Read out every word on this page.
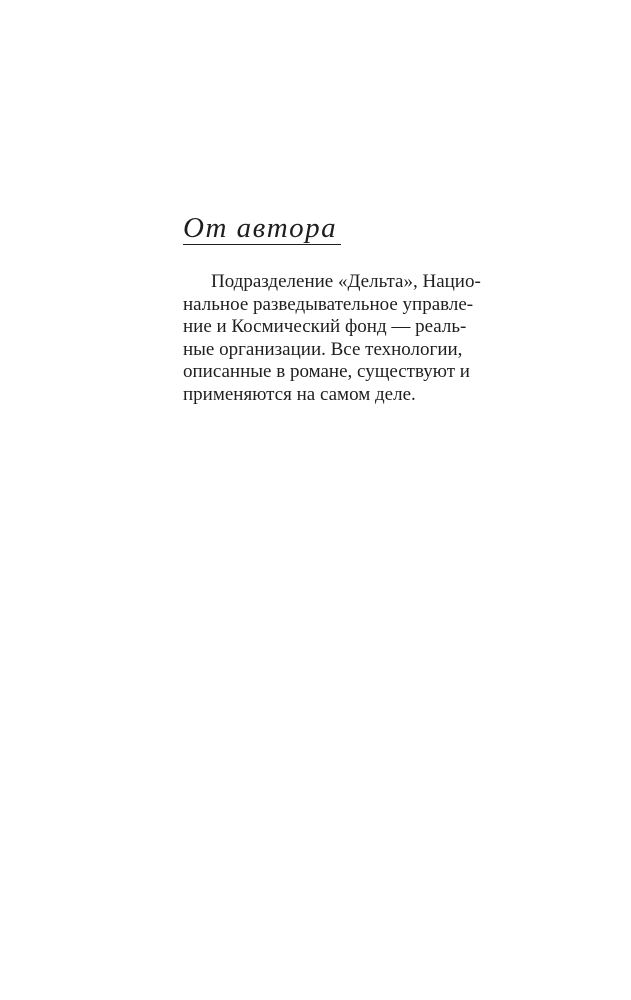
От автора
Подразделение «Дельта», Нацио-
нальное разведывательное управле-
ние и Космический фонд — реаль-
ные организации. Все технологии,
описанные в романе, существуют и
применяются на самом деле.
